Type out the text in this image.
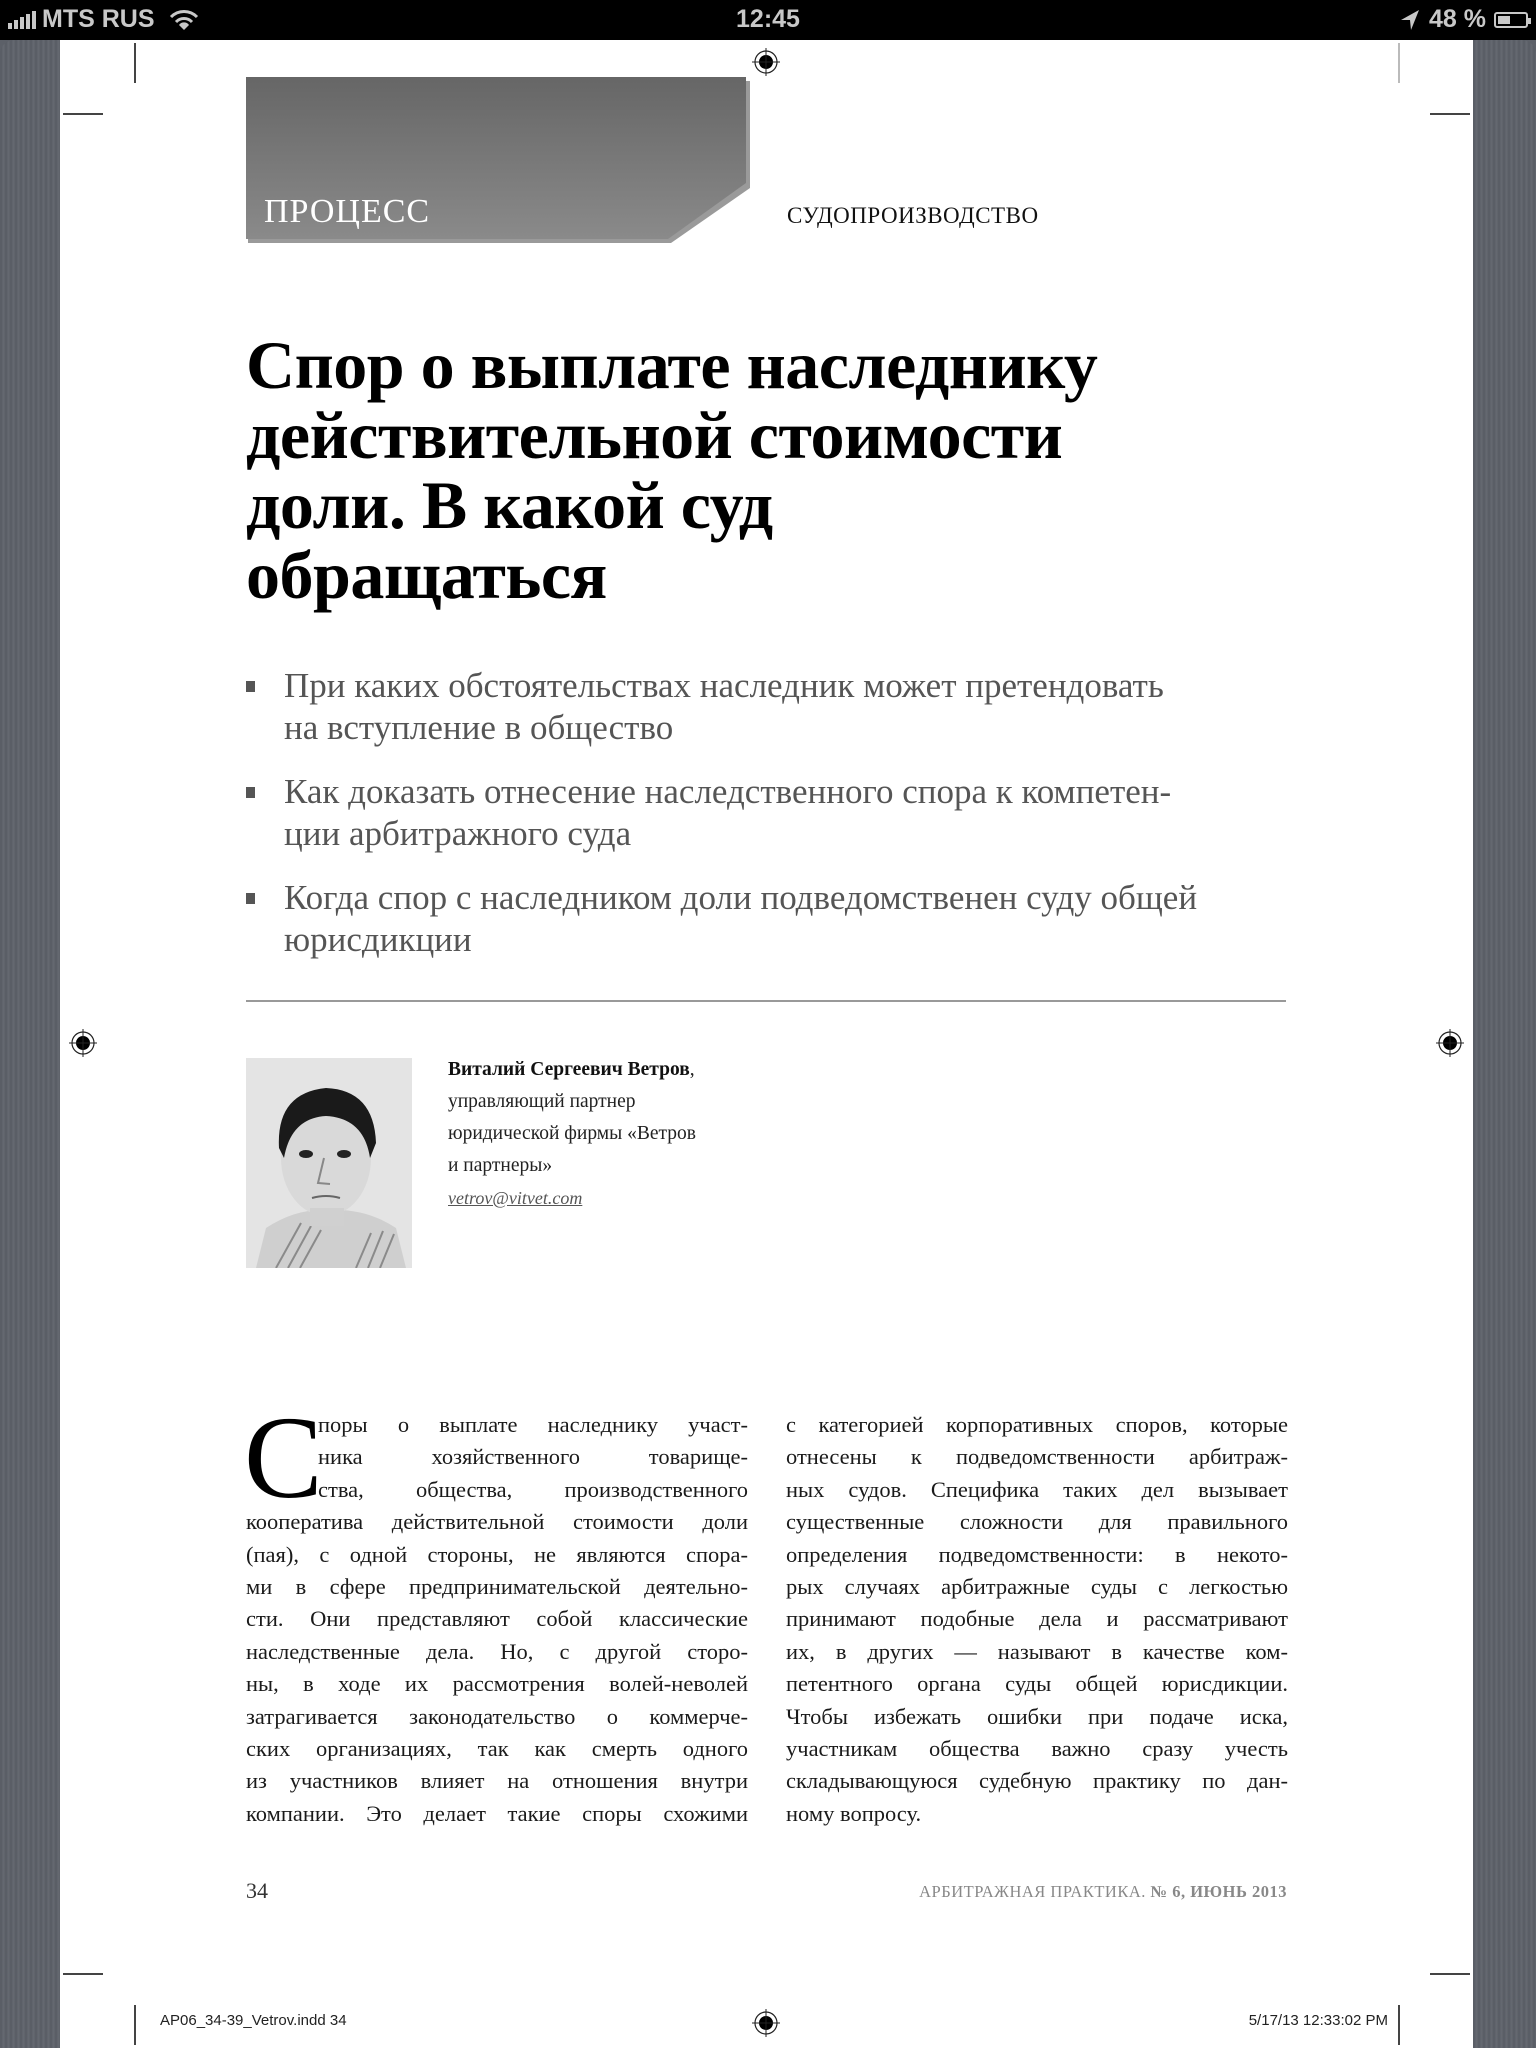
MTS RUS	12:45	48 %
ПРОЦЕСС	СУДОПРОИЗВОДСТВО
Спор о выплате наследнику
действительной стоимости
доли. В какой суд
обращаться
При каких обстоятельствах наследник может претендовать
на вступление в общество
Как доказать отнесение наследственного спора к компетен-
ции арбитражного суда
Когда спор с наследником доли подведомственен суду общей
юрисдикции
Виталий Сергеевич Ветров,
управляющий партнер
юридической фирмы «Ветров
и партнеры»
vetrov@vitvet.com
С
поры о выплате наследнику участ-
ника хозяйственного товарище-
ства, общества, производственного
кооператива действительной стоимости доли
(пая), с одной стороны, не являются спора-
ми в сфере предпринимательской деятельно-
сти. Они представляют собой классические
наследственные дела. Но, с другой сторо-
ны, в ходе их рассмотрения волей-неволей
затрагивается законодательство о коммерче-
ских организациях, так как смерть одного
из участников влияет на отношения внутри
компании. Это делает такие споры схожими
с категорией корпоративных споров, которые
отнесены к подведомственности арбитраж-
ных судов. Специфика таких дел вызывает
существенные сложности для правильного
определения подведомственности: в некото-
рых случаях арбитражные суды с легкостью
принимают подобные дела и рассматривают
их, в других — называют в качестве ком-
петентного органа суды общей юрисдикции.
Чтобы избежать ошибки при подаче иска,
участникам общества важно сразу учесть
складывающуюся судебную практику по дан-
ному вопросу.
34	АРБИТРАЖНАЯ ПРАКТИКА. № 6, ИЮНЬ 2013
AP06_34-39_Vetrov.indd 34	5/17/13 12:33:02 PM
